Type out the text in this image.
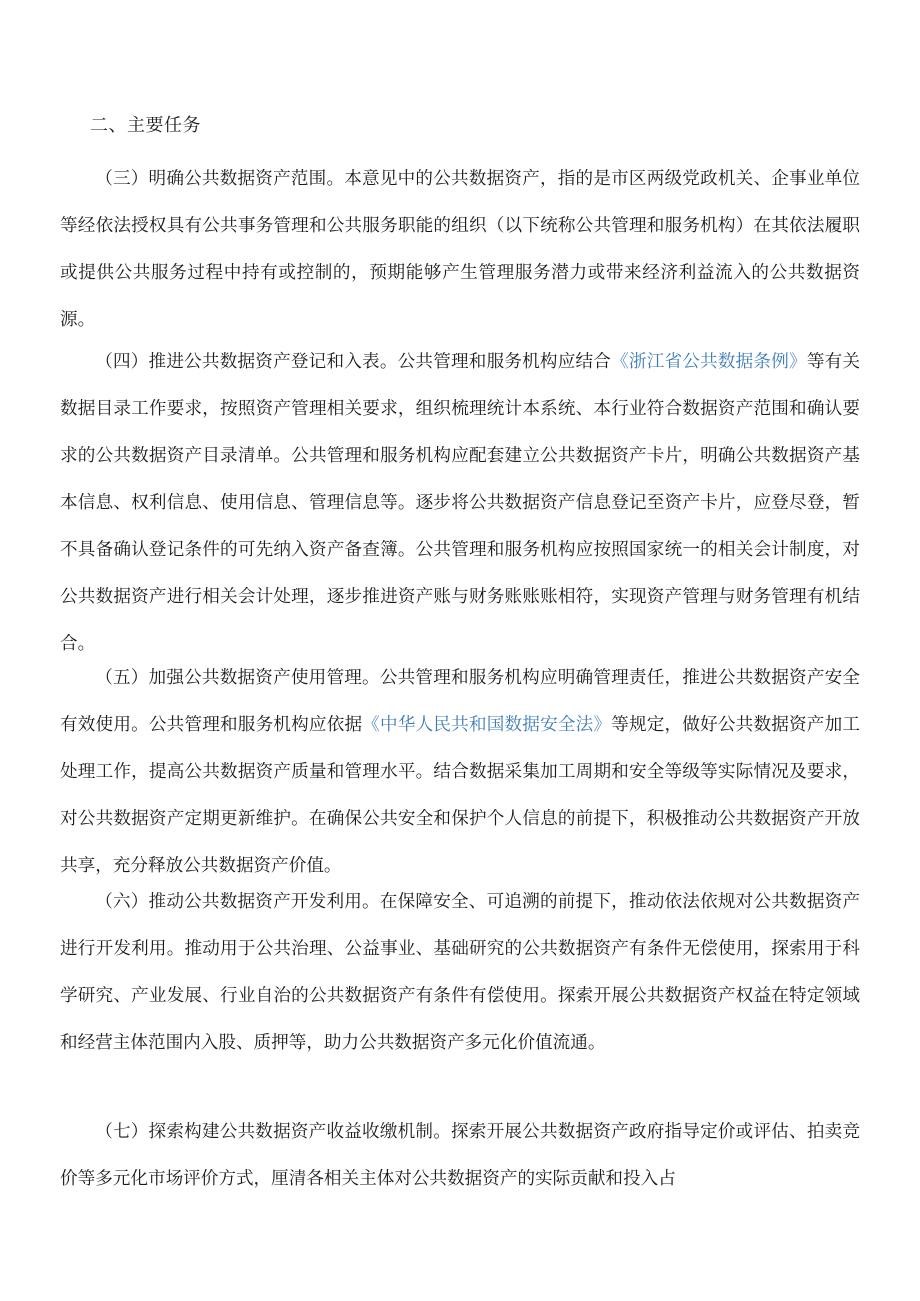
二、主要任务

（三）明确公共数据资产范围。本意见中的公共数据资产，指的是市区两级党政机关、企事业单位等经依法授权具有公共事务管理和公共服务职能的组织（以下统称公共管理和服务机构）在其依法履职或提供公共服务过程中持有或控制的，预期能够产生管理服务潜力或带来经济利益流入的公共数据资源。

（四）推进公共数据资产登记和入表。公共管理和服务机构应结合《浙江省公共数据条例》等有关数据目录工作要求，按照资产管理相关要求，组织梳理统计本系统、本行业符合数据资产范围和确认要求的公共数据资产目录清单。公共管理和服务机构应配套建立公共数据资产卡片，明确公共数据资产基本信息、权利信息、使用信息、管理信息等。逐步将公共数据资产信息登记至资产卡片，应登尽登，暂不具备确认登记条件的可先纳入资产备查簿。公共管理和服务机构应按照国家统一的相关会计制度，对公共数据资产进行相关会计处理，逐步推进资产账与财务账账账相符，实现资产管理与财务管理有机结合。

（五）加强公共数据资产使用管理。公共管理和服务机构应明确管理责任，推进公共数据资产安全有效使用。公共管理和服务机构应依据《中华人民共和国数据安全法》等规定，做好公共数据资产加工处理工作，提高公共数据资产质量和管理水平。结合数据采集加工周期和安全等级等实际情况及要求，对公共数据资产定期更新维护。在确保公共安全和保护个人信息的前提下，积极推动公共数据资产开放共享，充分释放公共数据资产价值。

（六）推动公共数据资产开发利用。在保障安全、可追溯的前提下，推动依法依规对公共数据资产进行开发利用。推动用于公共治理、公益事业、基础研究的公共数据资产有条件无偿使用，探索用于科学研究、产业发展、行业自治的公共数据资产有条件有偿使用。探索开展公共数据资产权益在特定领域和经营主体范围内入股、质押等，助力公共数据资产多元化价值流通。

（七）探索构建公共数据资产收益收缴机制。探索开展公共数据资产政府指导定价或评估、拍卖竞价等多元化市场评价方式，厘清各相关主体对公共数据资产的实际贡献和投入占
